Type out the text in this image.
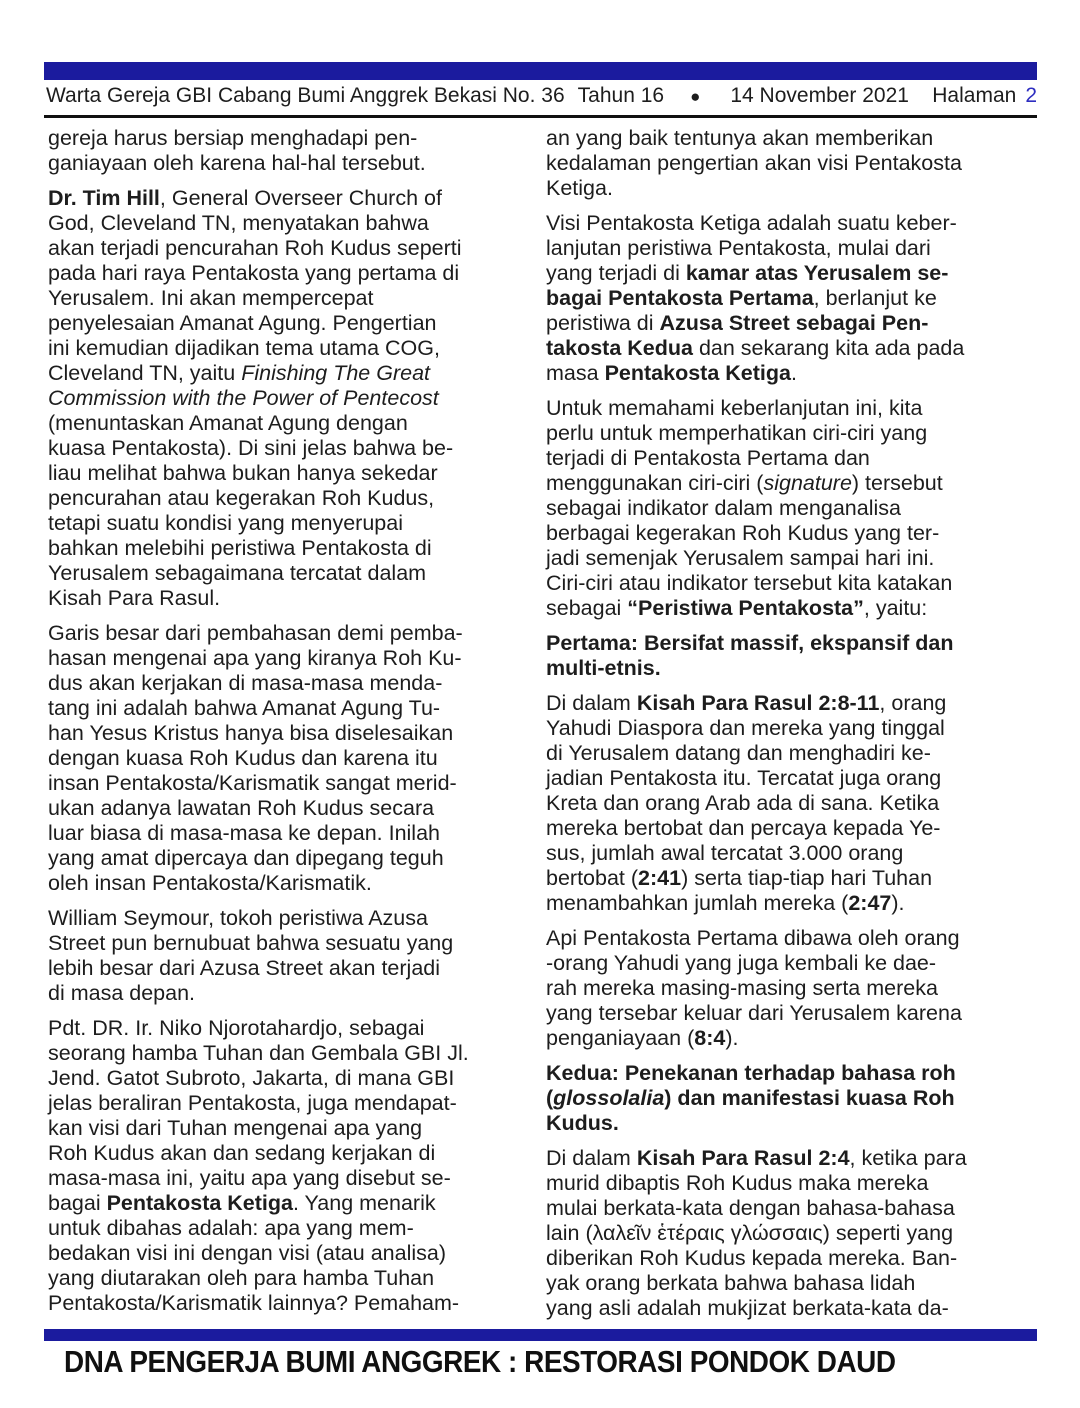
Warta Gereja GBI Cabang Bumi Anggrek Bekasi No. 36 Tahun 16 ● 14 November 2021 Halaman 2
gereja harus bersiap menghadapi pen-
ganiayaan oleh karena hal-hal tersebut.
Dr. Tim Hill, General Overseer Church of
God, Cleveland TN, menyatakan bahwa
akan terjadi pencurahan Roh Kudus seperti
pada hari raya Pentakosta yang pertama di
Yerusalem. Ini akan mempercepat
penyelesaian Amanat Agung. Pengertian
ini kemudian dijadikan tema utama COG,
Cleveland TN, yaitu Finishing The Great
Commission with the Power of Pentecost
(menuntaskan Amanat Agung dengan
kuasa Pentakosta). Di sini jelas bahwa be-
liau melihat bahwa bukan hanya sekedar
pencurahan atau kegerakan Roh Kudus,
tetapi suatu kondisi yang menyerupai
bahkan melebihi peristiwa Pentakosta di
Yerusalem sebagaimana tercatat dalam
Kisah Para Rasul.
Garis besar dari pembahasan demi pemba-
hasan mengenai apa yang kiranya Roh Ku-
dus akan kerjakan di masa-masa menda-
tang ini adalah bahwa Amanat Agung Tu-
han Yesus Kristus hanya bisa diselesaikan
dengan kuasa Roh Kudus dan karena itu
insan Pentakosta/Karismatik sangat merid-
ukan adanya lawatan Roh Kudus secara
luar biasa di masa-masa ke depan. Inilah
yang amat dipercaya dan dipegang teguh
oleh insan Pentakosta/Karismatik.
William Seymour, tokoh peristiwa Azusa
Street pun bernubuat bahwa sesuatu yang
lebih besar dari Azusa Street akan terjadi
di masa depan.
Pdt. DR. Ir. Niko Njorotahardjo, sebagai
seorang hamba Tuhan dan Gembala GBI Jl.
Jend. Gatot Subroto, Jakarta, di mana GBI
jelas beraliran Pentakosta, juga mendapat-
kan visi dari Tuhan mengenai apa yang
Roh Kudus akan dan sedang kerjakan di
masa-masa ini, yaitu apa yang disebut se-
bagai Pentakosta Ketiga. Yang menarik
untuk dibahas adalah: apa yang mem-
bedakan visi ini dengan visi (atau analisa)
yang diutarakan oleh para hamba Tuhan
Pentakosta/Karismatik lainnya? Pemaham-
an yang baik tentunya akan memberikan
kedalaman pengertian akan visi Pentakosta
Ketiga.
Visi Pentakosta Ketiga adalah suatu keber-
lanjutan peristiwa Pentakosta, mulai dari
yang terjadi di kamar atas Yerusalem se-
bagai Pentakosta Pertama, berlanjut ke
peristiwa di Azusa Street sebagai Pen-
takosta Kedua dan sekarang kita ada pada
masa Pentakosta Ketiga.
Untuk memahami keberlanjutan ini, kita
perlu untuk memperhatikan ciri-ciri yang
terjadi di Pentakosta Pertama dan
menggunakan ciri-ciri (signature) tersebut
sebagai indikator dalam menganalisa
berbagai kegerakan Roh Kudus yang ter-
jadi semenjak Yerusalem sampai hari ini.
Ciri-ciri atau indikator tersebut kita katakan
sebagai “Peristiwa Pentakosta”, yaitu:
Pertama: Bersifat massif, ekspansif dan
multi-etnis.
Di dalam Kisah Para Rasul 2:8-11, orang
Yahudi Diaspora dan mereka yang tinggal
di Yerusalem datang dan menghadiri ke-
jadian Pentakosta itu. Tercatat juga orang
Kreta dan orang Arab ada di sana. Ketika
mereka bertobat dan percaya kepada Ye-
sus, jumlah awal tercatat 3.000 orang
bertobat (2:41) serta tiap-tiap hari Tuhan
menambahkan jumlah mereka (2:47).
Api Pentakosta Pertama dibawa oleh orang
-orang Yahudi yang juga kembali ke dae-
rah mereka masing-masing serta mereka
yang tersebar keluar dari Yerusalem karena
penganiayaan (8:4).
Kedua: Penekanan terhadap bahasa roh
(glossolalia) dan manifestasi kuasa Roh
Kudus.
Di dalam Kisah Para Rasul 2:4, ketika para
murid dibaptis Roh Kudus maka mereka
mulai berkata-kata dengan bahasa-bahasa
lain (λαλεῖν ἑτέραις γλώσσαις) seperti yang
diberikan Roh Kudus kepada mereka. Ban-
yak orang berkata bahwa bahasa lidah
yang asli adalah mukjizat berkata-kata da-
DNA PENGERJA BUMI ANGGREK : RESTORASI PONDOK DAUD
